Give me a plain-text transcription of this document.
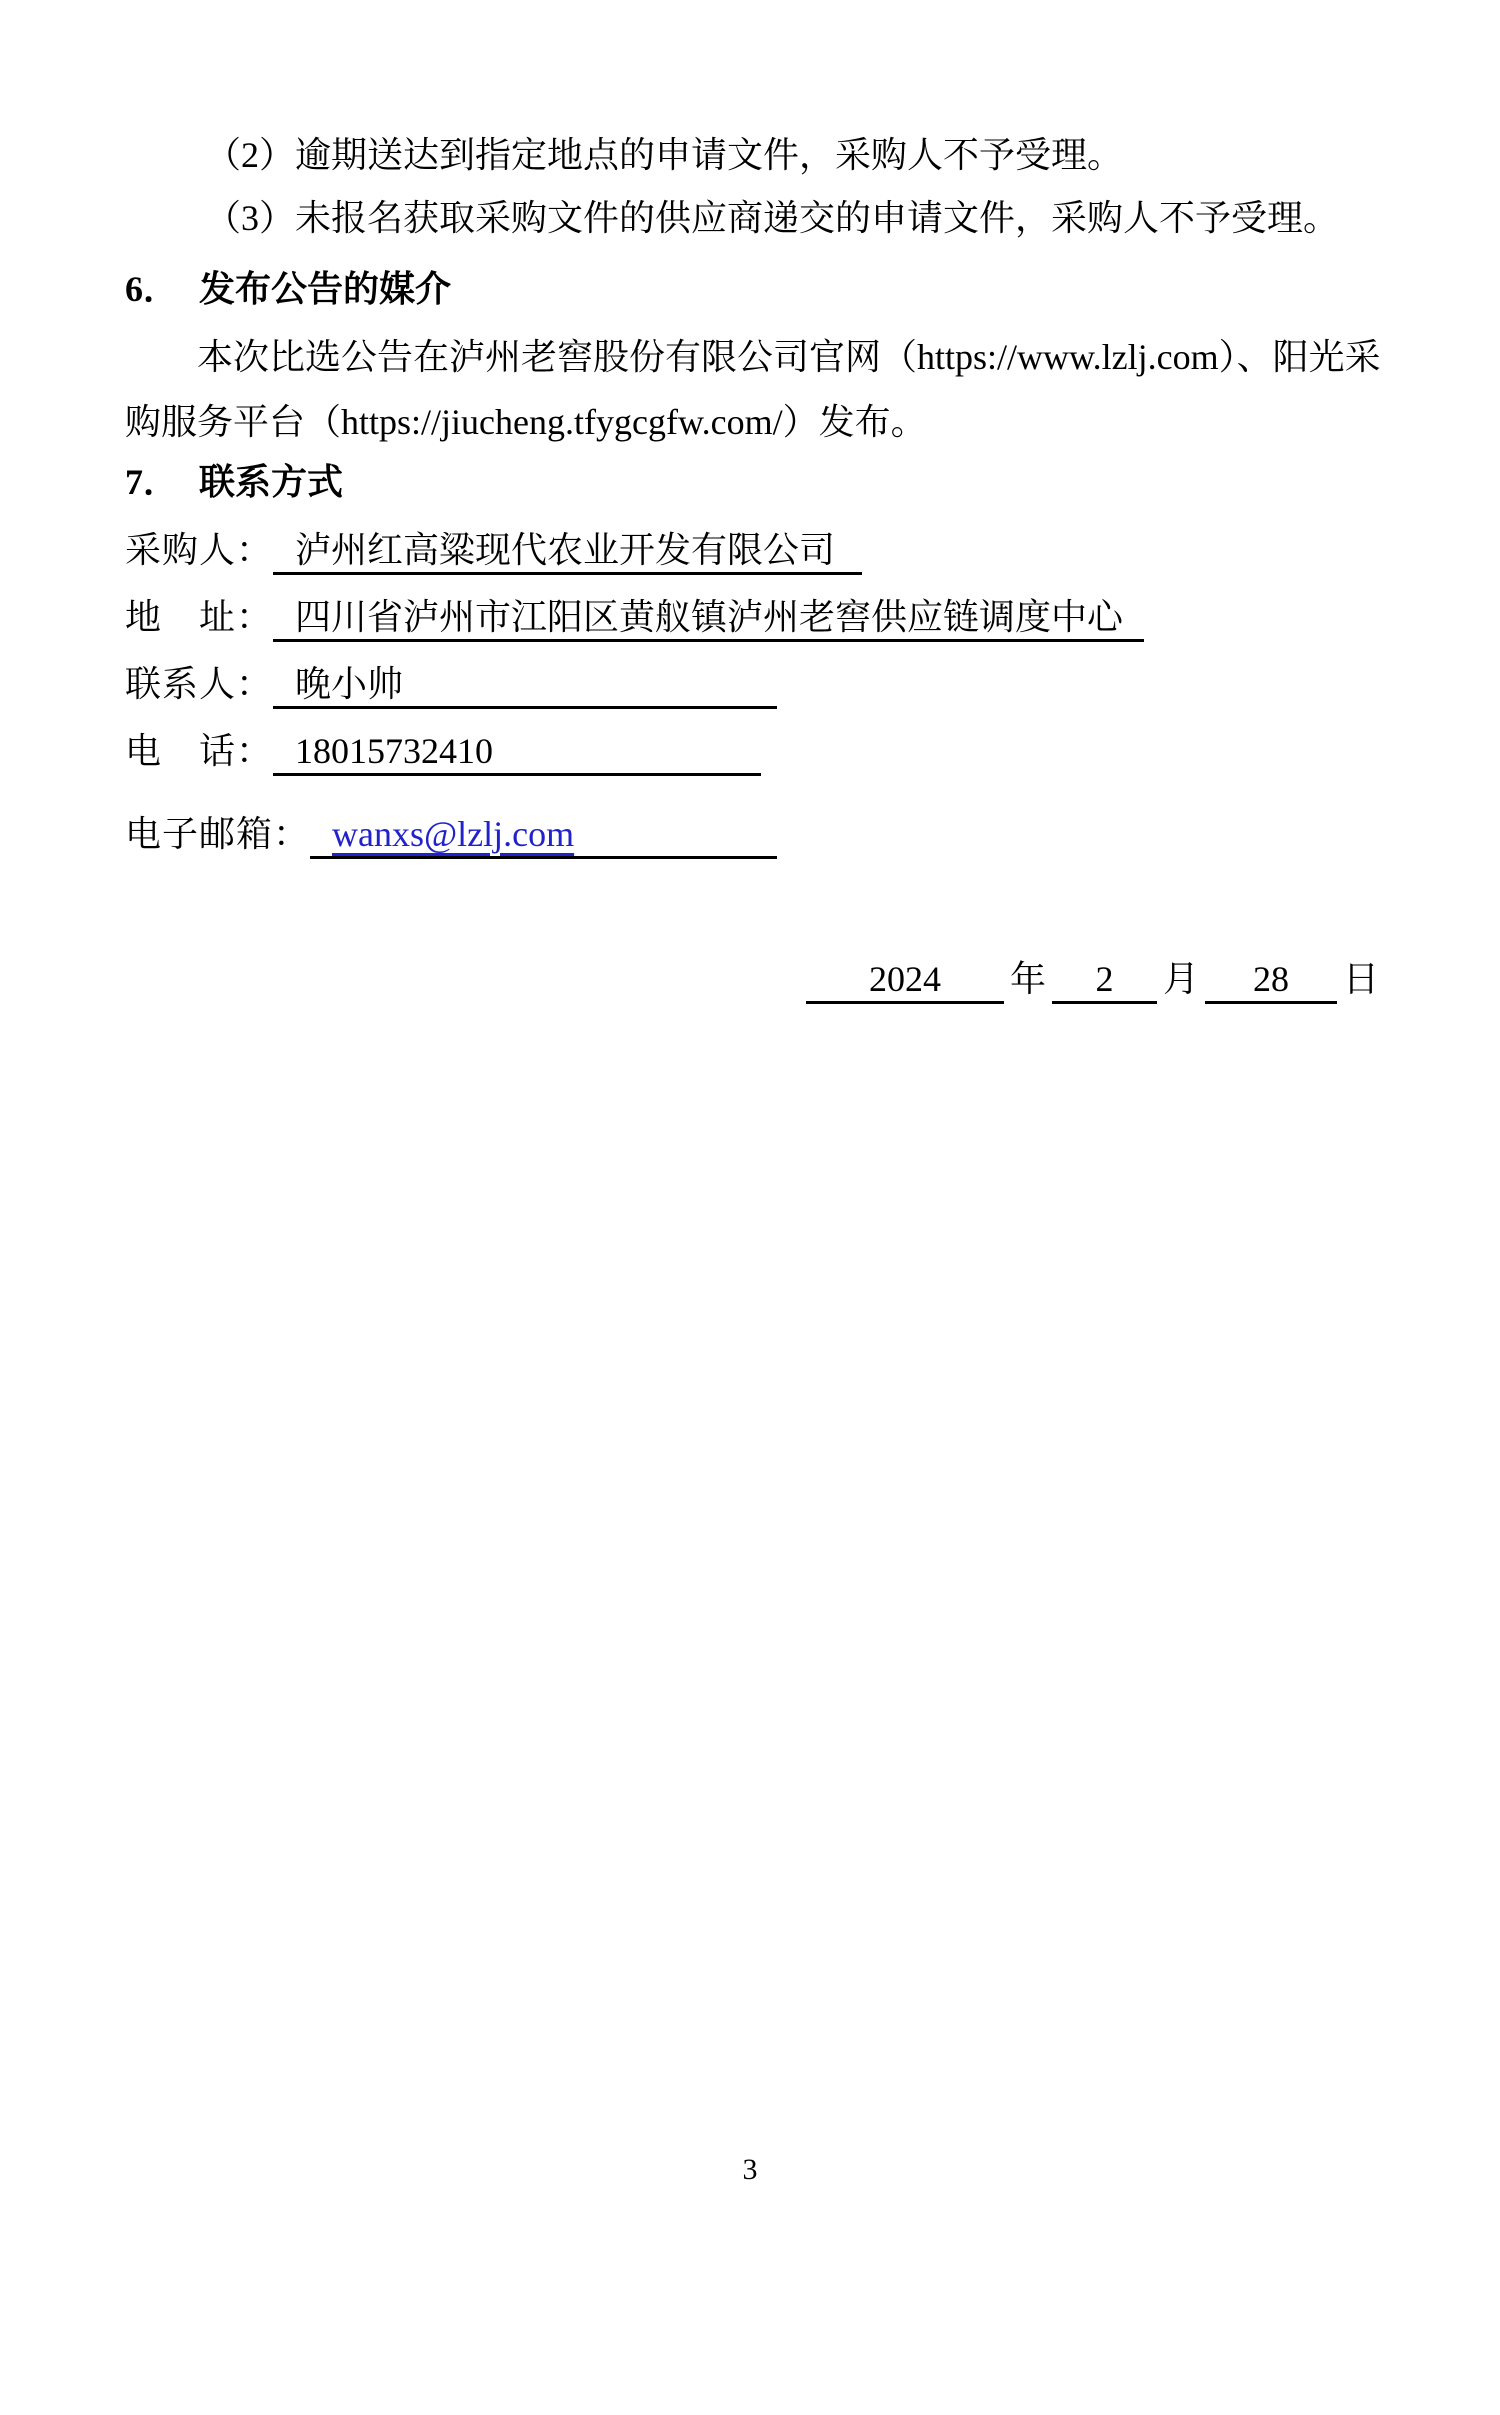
（2）逾期送达到指定地点的申请文件，采购人不予受理。
（3）未报名获取采购文件的供应商递交的申请文件，采购人不予受理。
6． 发布公告的媒介
本次比选公告在泸州老窖股份有限公司官网（https://www.lzlj.com）、阳光采
购服务平台（https://jiucheng.tfygcgfw.com/）发布。
7． 联系方式
采购人： 泸州红高粱现代农业开发有限公司
地　址： 四川省泸州市江阳区黄舣镇泸州老窖供应链调度中心
联系人： 晚小帅
电　话： 18015732410
电子邮箱： wanxs@lzlj.com
2024	年	2	月	28	日
3
